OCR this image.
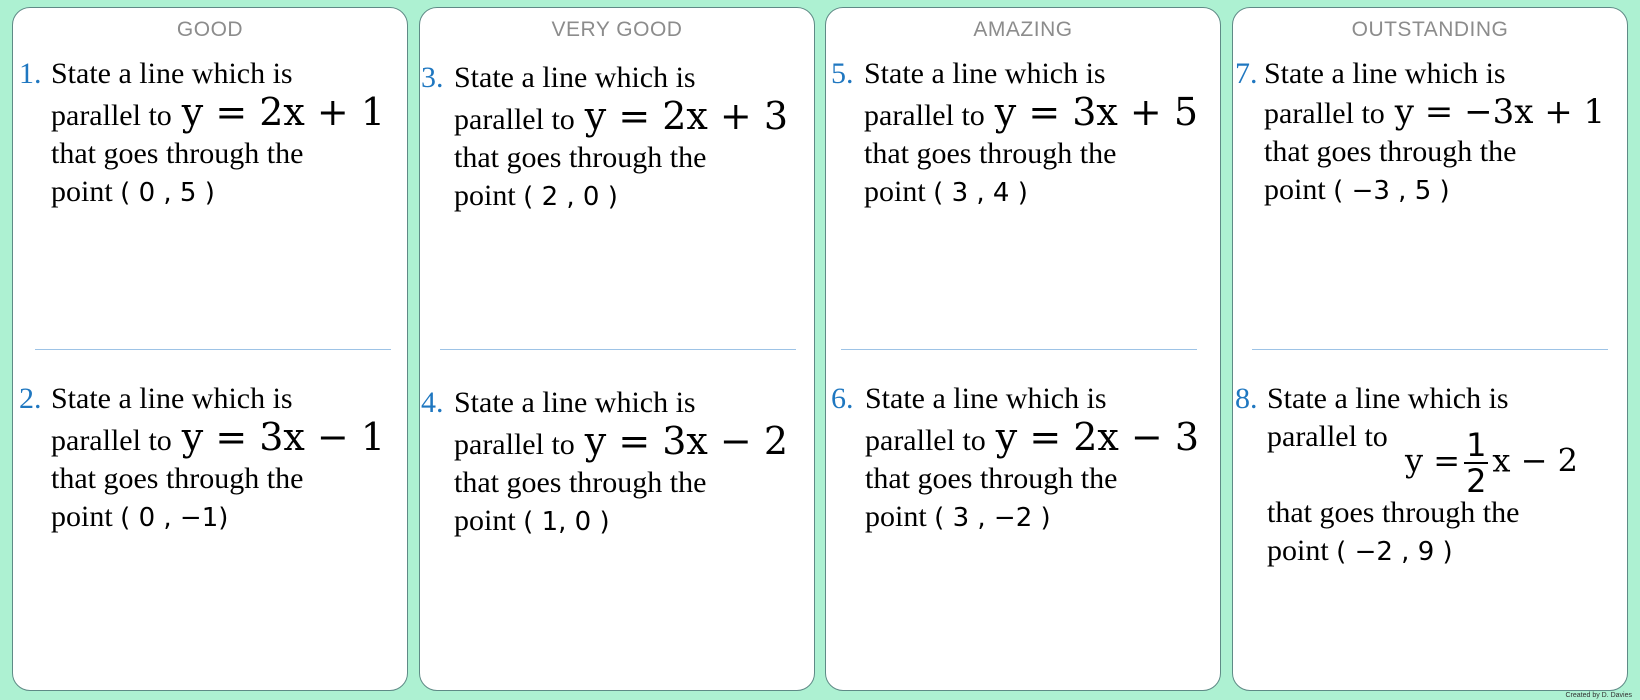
GOOD
1. State a line which is
parallel to y = 2x + 1
that goes through the
point ( 0 , 5 )
2. State a line which is
parallel to y = 3x − 1
that goes through the
point ( 0 , −1)
VERY GOOD
3. State a line which is
parallel to y = 2x + 3
that goes through the
point ( 2 , 0 )
4. State a line which is
parallel to y = 3x − 2
that goes through the
point ( 1, 0 )
AMAZING
5. State a line which is
parallel to y = 3x + 5
that goes through the
point ( 3 , 4 )
6. State a line which is
parallel to y = 2x − 3
that goes through the
point ( 3 , −2 )
OUTSTANDING
7. State a line which is
parallel to y = −3x + 1
that goes through the
point ( −3 , 5 )
8. State a line which is
parallel to
$y = \frac{1}{2}$ x − 2
that goes through the
point ( −2 , 9 )
Created by D. Davies
